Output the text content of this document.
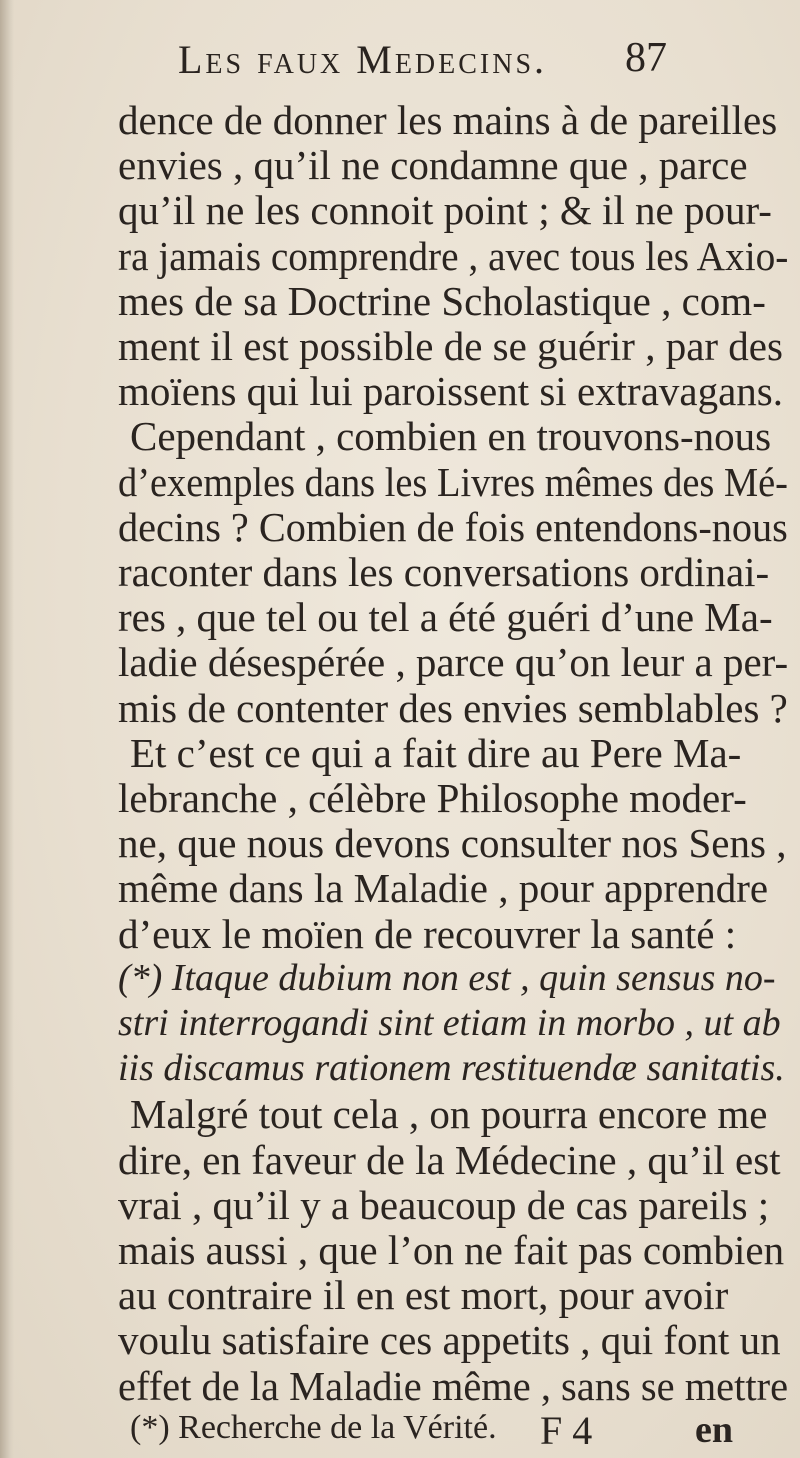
Les faux Medecins. 87
dence de donner les mains à de pareilles
envies , qu’il ne condamne que , parce
qu’il ne les connoit point ; & il ne pour-
ra jamais comprendre , avec tous les Axio-
mes de sa Doctrine Scholastique , com-
ment il est possible de se guérir , par des
moïens qui lui paroissent si extravagans.
Cependant , combien en trouvons-nous
d’exemples dans les Livres mêmes des Mé-
decins ? Combien de fois entendons-nous
raconter dans les conversations ordinai-
res , que tel ou tel a été guéri d’une Ma-
ladie désespérée , parce qu’on leur a per-
mis de contenter des envies semblables ?
Et c’est ce qui a fait dire au Pere Ma-
lebranche , célèbre Philosophe moder-
ne, que nous devons consulter nos Sens ,
même dans la Maladie , pour apprendre
d’eux le moïen de recouvrer la santé :
(*) Itaque dubium non est , quin sensus no-
stri interrogandi sint etiam in morbo , ut ab
iis discamus rationem restituendæ sanitatis.
Malgré tout cela , on pourra encore me
dire, en faveur de la Médecine , qu’il est
vrai , qu’il y a beaucoup de cas pareils ;
mais aussi , que l’on ne fait pas combien
au contraire il en est mort, pour avoir
voulu satisfaire ces appetits , qui font un
effet de la Maladie même , sans se mettre
(*) Recherche de la Vérité. F 4	en
